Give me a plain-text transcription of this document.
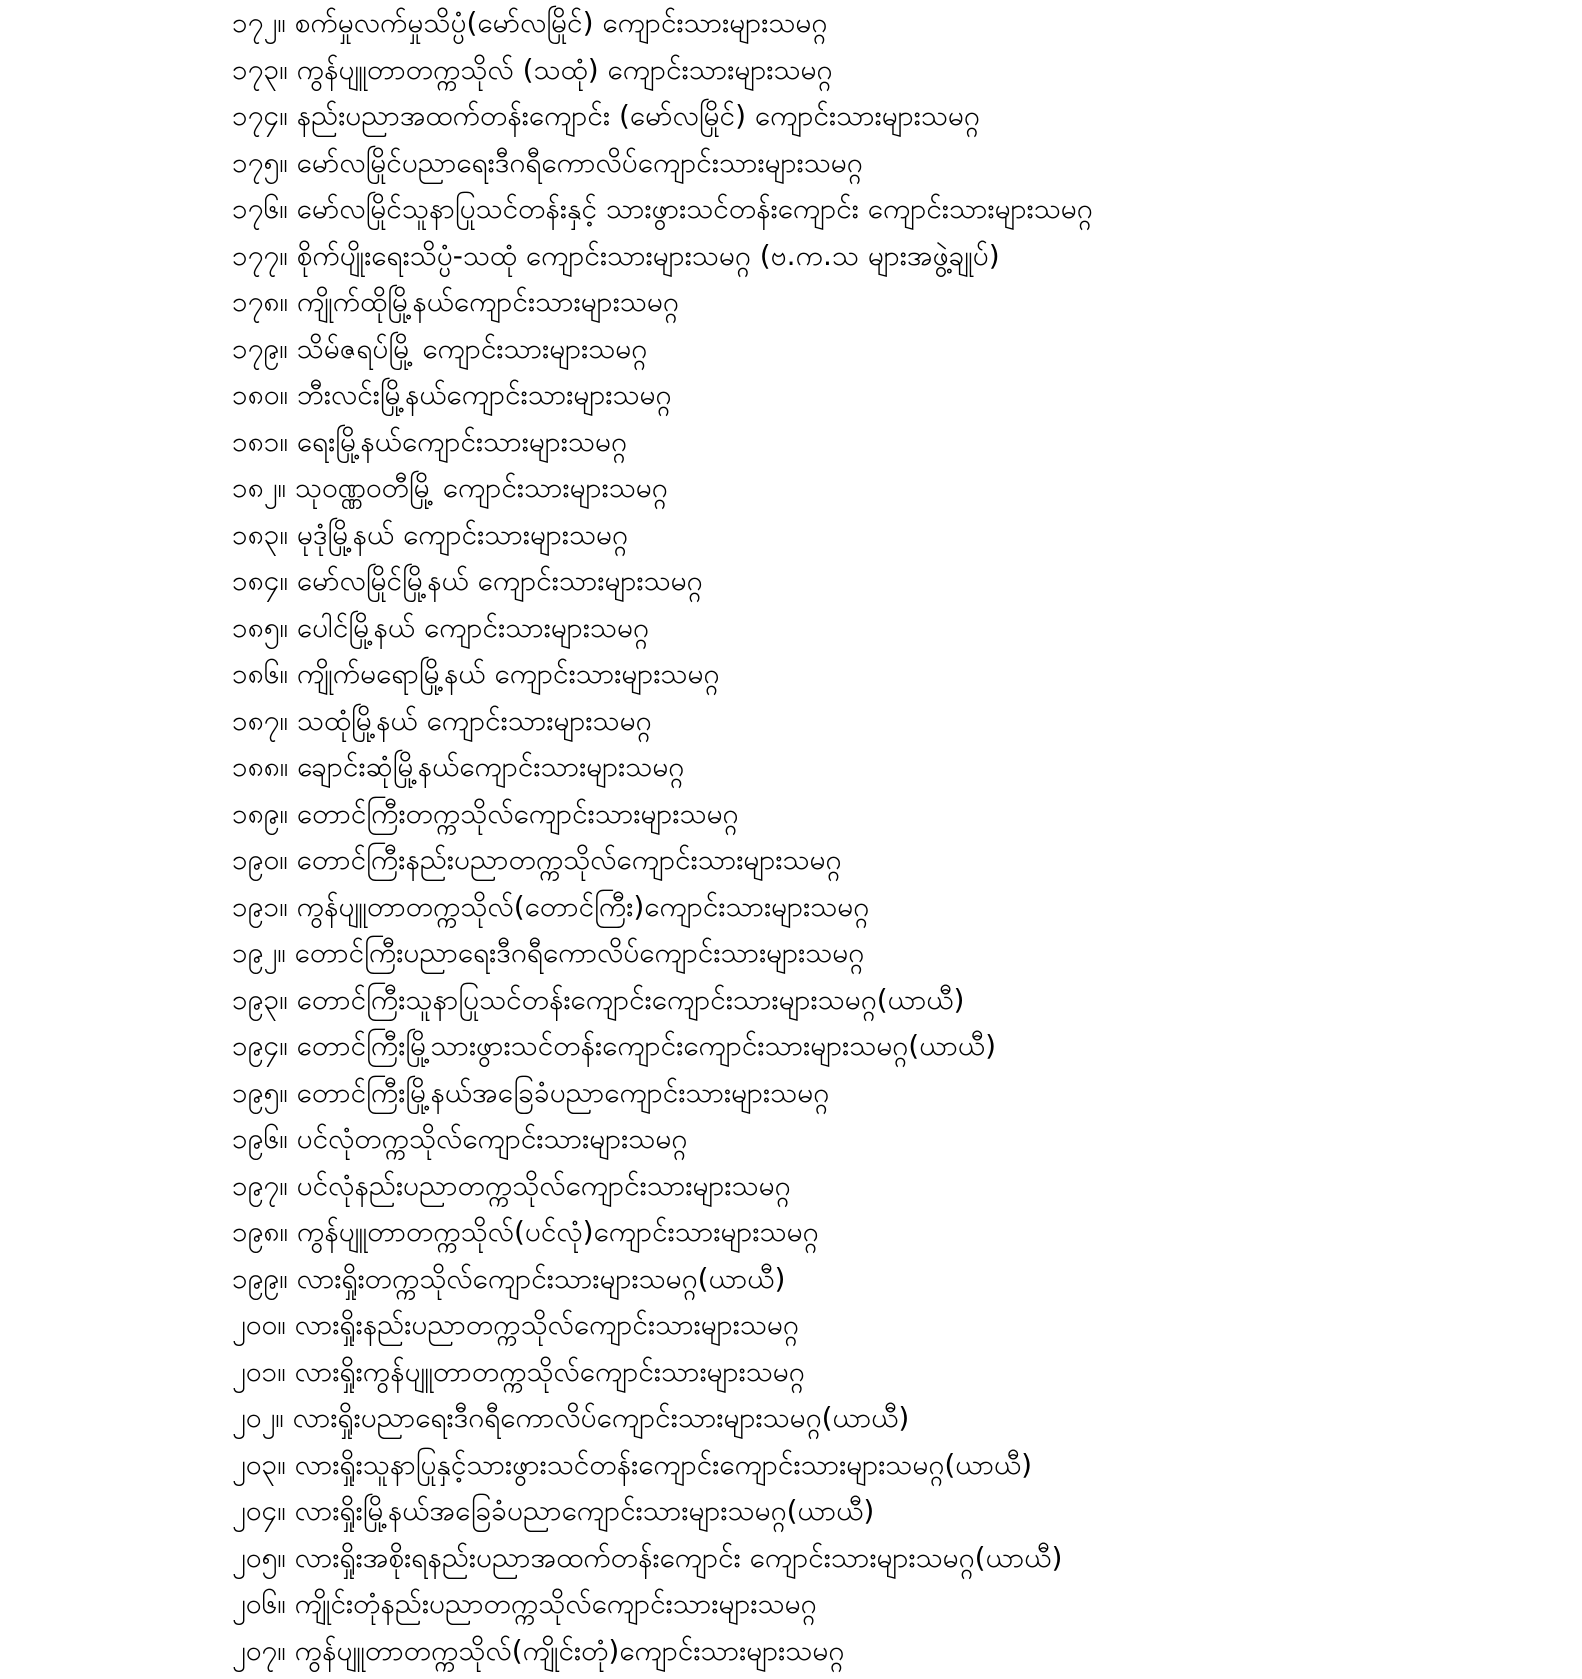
၁၇၂။ စက်မှုလက်မှုသိပ္ပံ(မော်လမြိုင်) ကျောင်းသားများသမဂ္ဂ
၁၇၃။ ကွန်ပျူတာတက္ကသိုလ် (သထုံ) ကျောင်းသားများသမဂ္ဂ
၁၇၄။ နည်းပညာအထက်တန်းကျောင်း (မော်လမြိုင်) ကျောင်းသားများသမဂ္ဂ
၁၇၅။ မော်လမြိုင်ပညာရေးဒီဂရီကောလိပ်ကျောင်းသားများသမဂ္ဂ
၁၇၆။ မော်လမြိုင်သူနာပြုသင်တန်းနှင့် သားဖွားသင်တန်းကျောင်း ကျောင်းသားများသမဂ္ဂ
၁၇၇။ စိုက်ပျိုးရေးသိပ္ပံ-သထုံ ကျောင်းသားများသမဂ္ဂ (ဗ.က.သ များအဖွဲ့ချုပ်)
၁၇၈။ ကျိုက်ထိုမြို့နယ်ကျောင်းသားများသမဂ္ဂ
၁၇၉။ သိမ်ဇရပ်မြို့ ကျောင်းသားများသမဂ္ဂ
၁၈၀။ ဘီးလင်းမြို့နယ်ကျောင်းသားများသမဂ္ဂ
၁၈၁။ ရေးမြို့နယ်ကျောင်းသားများသမဂ္ဂ
၁၈၂။ သုဝဏ္ဏဝတီမြို့ ကျောင်းသားများသမဂ္ဂ
၁၈၃။ မုဒုံမြို့နယ် ကျောင်းသားများသမဂ္ဂ
၁၈၄။ မော်လမြိုင်မြို့နယ် ကျောင်းသားများသမဂ္ဂ
၁၈၅။ ပေါင်မြို့နယ် ကျောင်းသားများသမဂ္ဂ
၁၈၆။ ကျိုက်မရောမြို့နယ် ကျောင်းသားများသမဂ္ဂ
၁၈၇။ သထုံမြို့နယ် ကျောင်းသားများသမဂ္ဂ
၁၈၈။ ချောင်းဆုံမြို့နယ်ကျောင်းသားများသမဂ္ဂ
၁၈၉။ တောင်ကြီးတက္ကသိုလ်ကျောင်းသားများသမဂ္ဂ
၁၉၀။ တောင်ကြီးနည်းပညာတက္ကသိုလ်ကျောင်းသားများသမဂ္ဂ
၁၉၁။ ကွန်ပျူတာတက္ကသိုလ်(တောင်ကြီး)ကျောင်းသားများသမဂ္ဂ
၁၉၂။ တောင်ကြီးပညာရေးဒီဂရီကောလိပ်ကျောင်းသားများသမဂ္ဂ
၁၉၃။ တောင်ကြီးသူနာပြုသင်တန်းကျောင်းကျောင်းသားများသမဂ္ဂ(ယာယီ)
၁၉၄။ တောင်ကြီးမြို့သားဖွားသင်တန်းကျောင်းကျောင်းသားများသမဂ္ဂ(ယာယီ)
၁၉၅။ တောင်ကြီးမြို့နယ်အခြေခံပညာကျောင်းသားများသမဂ္ဂ
၁၉၆။ ပင်လုံတက္ကသိုလ်ကျောင်းသားများသမဂ္ဂ
၁၉၇။ ပင်လုံနည်းပညာတက္ကသိုလ်ကျောင်းသားများသမဂ္ဂ
၁၉၈။ ကွန်ပျူတာတက္ကသိုလ်(ပင်လုံ)ကျောင်းသားများသမဂ္ဂ
၁၉၉။ လားရှိုးတက္ကသိုလ်ကျောင်းသားများသမဂ္ဂ(ယာယီ)
၂၀၀။ လားရှိုးနည်းပညာတက္ကသိုလ်ကျောင်းသားများသမဂ္ဂ
၂၀၁။ လားရှိုးကွန်ပျူတာတက္ကသိုလ်ကျောင်းသားများသမဂ္ဂ
၂၀၂။ လားရှိုးပညာရေးဒီဂရီကောလိပ်ကျောင်းသားများသမဂ္ဂ(ယာယီ)
၂၀၃။ လားရှိုးသူနာပြုနှင့်သားဖွားသင်တန်းကျောင်းကျောင်းသားများသမဂ္ဂ(ယာယီ)
၂၀၄။ လားရှိုးမြို့နယ်အခြေခံပညာကျောင်းသားများသမဂ္ဂ(ယာယီ)
၂၀၅။ လားရှိုးအစိုးရနည်းပညာအထက်တန်းကျောင်း ကျောင်းသားများသမဂ္ဂ(ယာယီ)
၂၀၆။ ကျိုင်းတုံနည်းပညာတက္ကသိုလ်ကျောင်းသားများသမဂ္ဂ
၂၀၇။ ကွန်ပျူတာတက္ကသိုလ်(ကျိုင်းတုံ)ကျောင်းသားများသမဂ္ဂ
